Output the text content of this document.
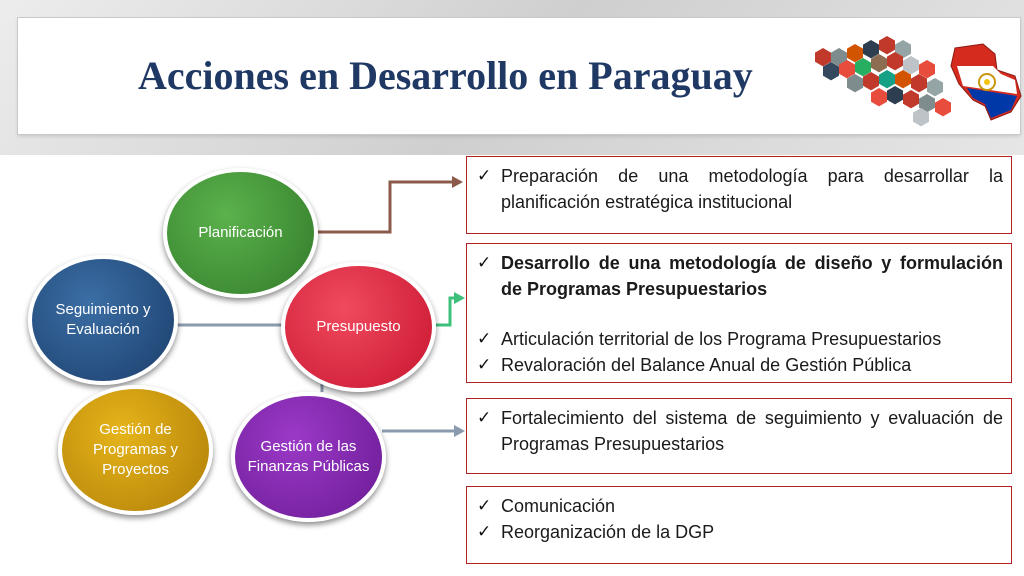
Acciones en Desarrollo en Paraguay
Planificación
Seguimiento y Evaluación	Presupuesto
Gestión de Programas y Proyectos
Gestión de las Finanzas Públicas
✓ Preparación de una metodología para desarrollar la planificación estratégica institucional
✓ Desarrollo de una metodología de diseño y formulación de Programas Presupuestarios
✓ Articulación territorial de los Programa Presupuestarios
✓ Revaloración del Balance Anual de Gestión Pública
✓ Fortalecimiento del sistema de seguimiento y evaluación de Programas Presupuestarios
✓ Comunicación
✓ Reorganización de la DGP
